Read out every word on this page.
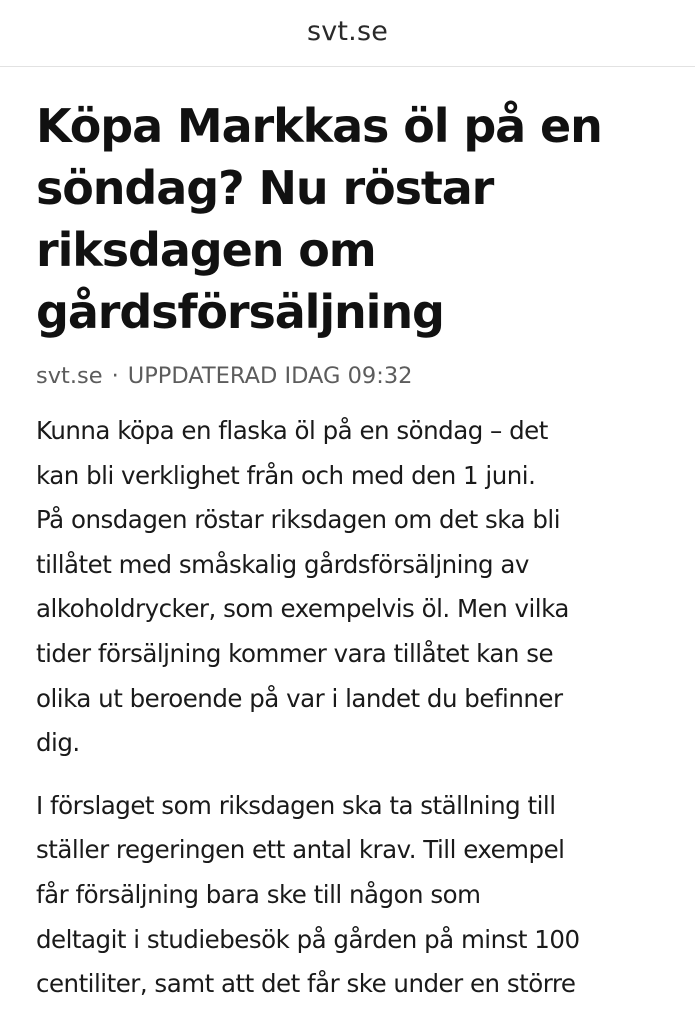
svt.se
Köpa Markkas öl på en söndag? Nu röstar riksdagen om gårdsförsäljning
svt.se · UPPDATERAD IDAG 09:32

Kunna köpa en flaska öl på en söndag – det
kan bli verklighet från och med den 1 juni.
På onsdagen röstar riksdagen om det ska bli
tillåtet med småskalig gårdsförsäljning av
alkoholdrycker, som exempelvis öl. Men vilka
tider försäljning kommer vara tillåtet kan se
olika ut beroende på var i landet du befinner
dig.

I förslaget som riksdagen ska ta ställning till
ställer regeringen ett antal krav. Till exempel
får försäljning bara ske till någon som
deltagit i studiebesök på gården på minst 100
centiliter, samt att det får ske under en större
